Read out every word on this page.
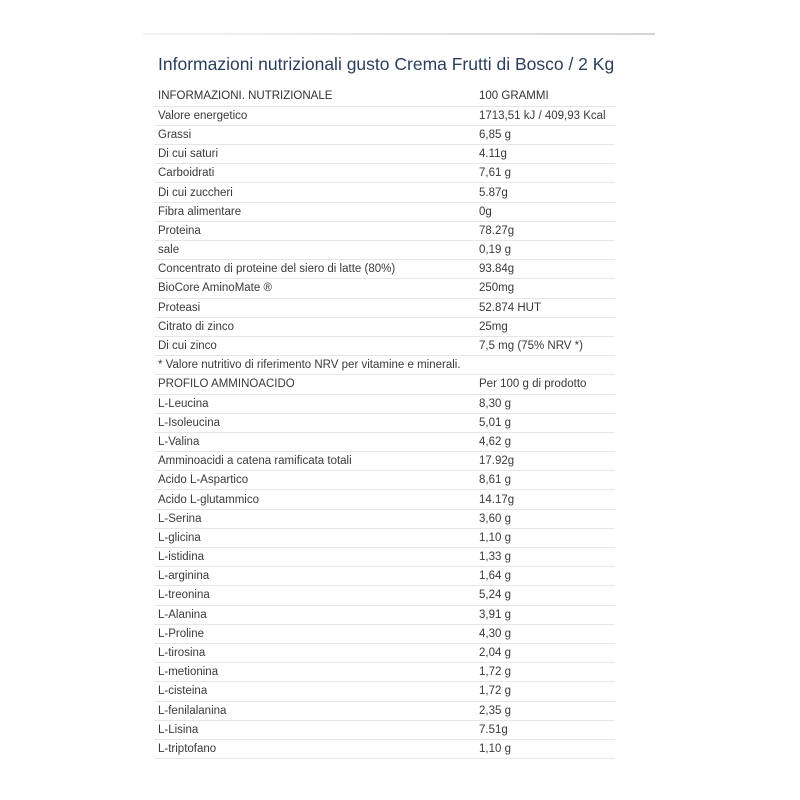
Informazioni nutrizionali gusto Crema Frutti di Bosco / 2 Kg
INFORMAZIONI. NUTRIZIONALE	100 GRAMMI
Valore energetico	1713,51 kJ / 409,93 Kcal
Grassi	6,85 g
Di cui saturi	4.11g
Carboidrati	7,61 g
Di cui zuccheri	5.87g
Fibra alimentare	0g
Proteina	78.27g
sale	0,19 g
Concentrato di proteine del siero di latte (80%)	93.84g
BioCore AminoMate ®	250mg
Proteasi	52.874 HUT
Citrato di zinco	25mg
Di cui zinco	7,5 mg (75% NRV *)
* Valore nutritivo di riferimento NRV per vitamine e minerali.	
PROFILO AMMINOACIDO	Per 100 g di prodotto
L-Leucina	8,30 g
L-Isoleucina	5,01 g
L-Valina	4,62 g
Amminoacidi a catena ramificata totali	17.92g
Acido L-Aspartico	8,61 g
Acido L-glutammico	14.17g
L-Serina	3,60 g
L-glicina	1,10 g
L-istidina	1,33 g
L-arginina	1,64 g
L-treonina	5,24 g
L-Alanina	3,91 g
L-Proline	4,30 g
L-tirosina	2,04 g
L-metionina	1,72 g
L-cisteina	1,72 g
L-fenilalanina	2,35 g
L-Lisina	7.51g
L-triptofano	1,10 g
